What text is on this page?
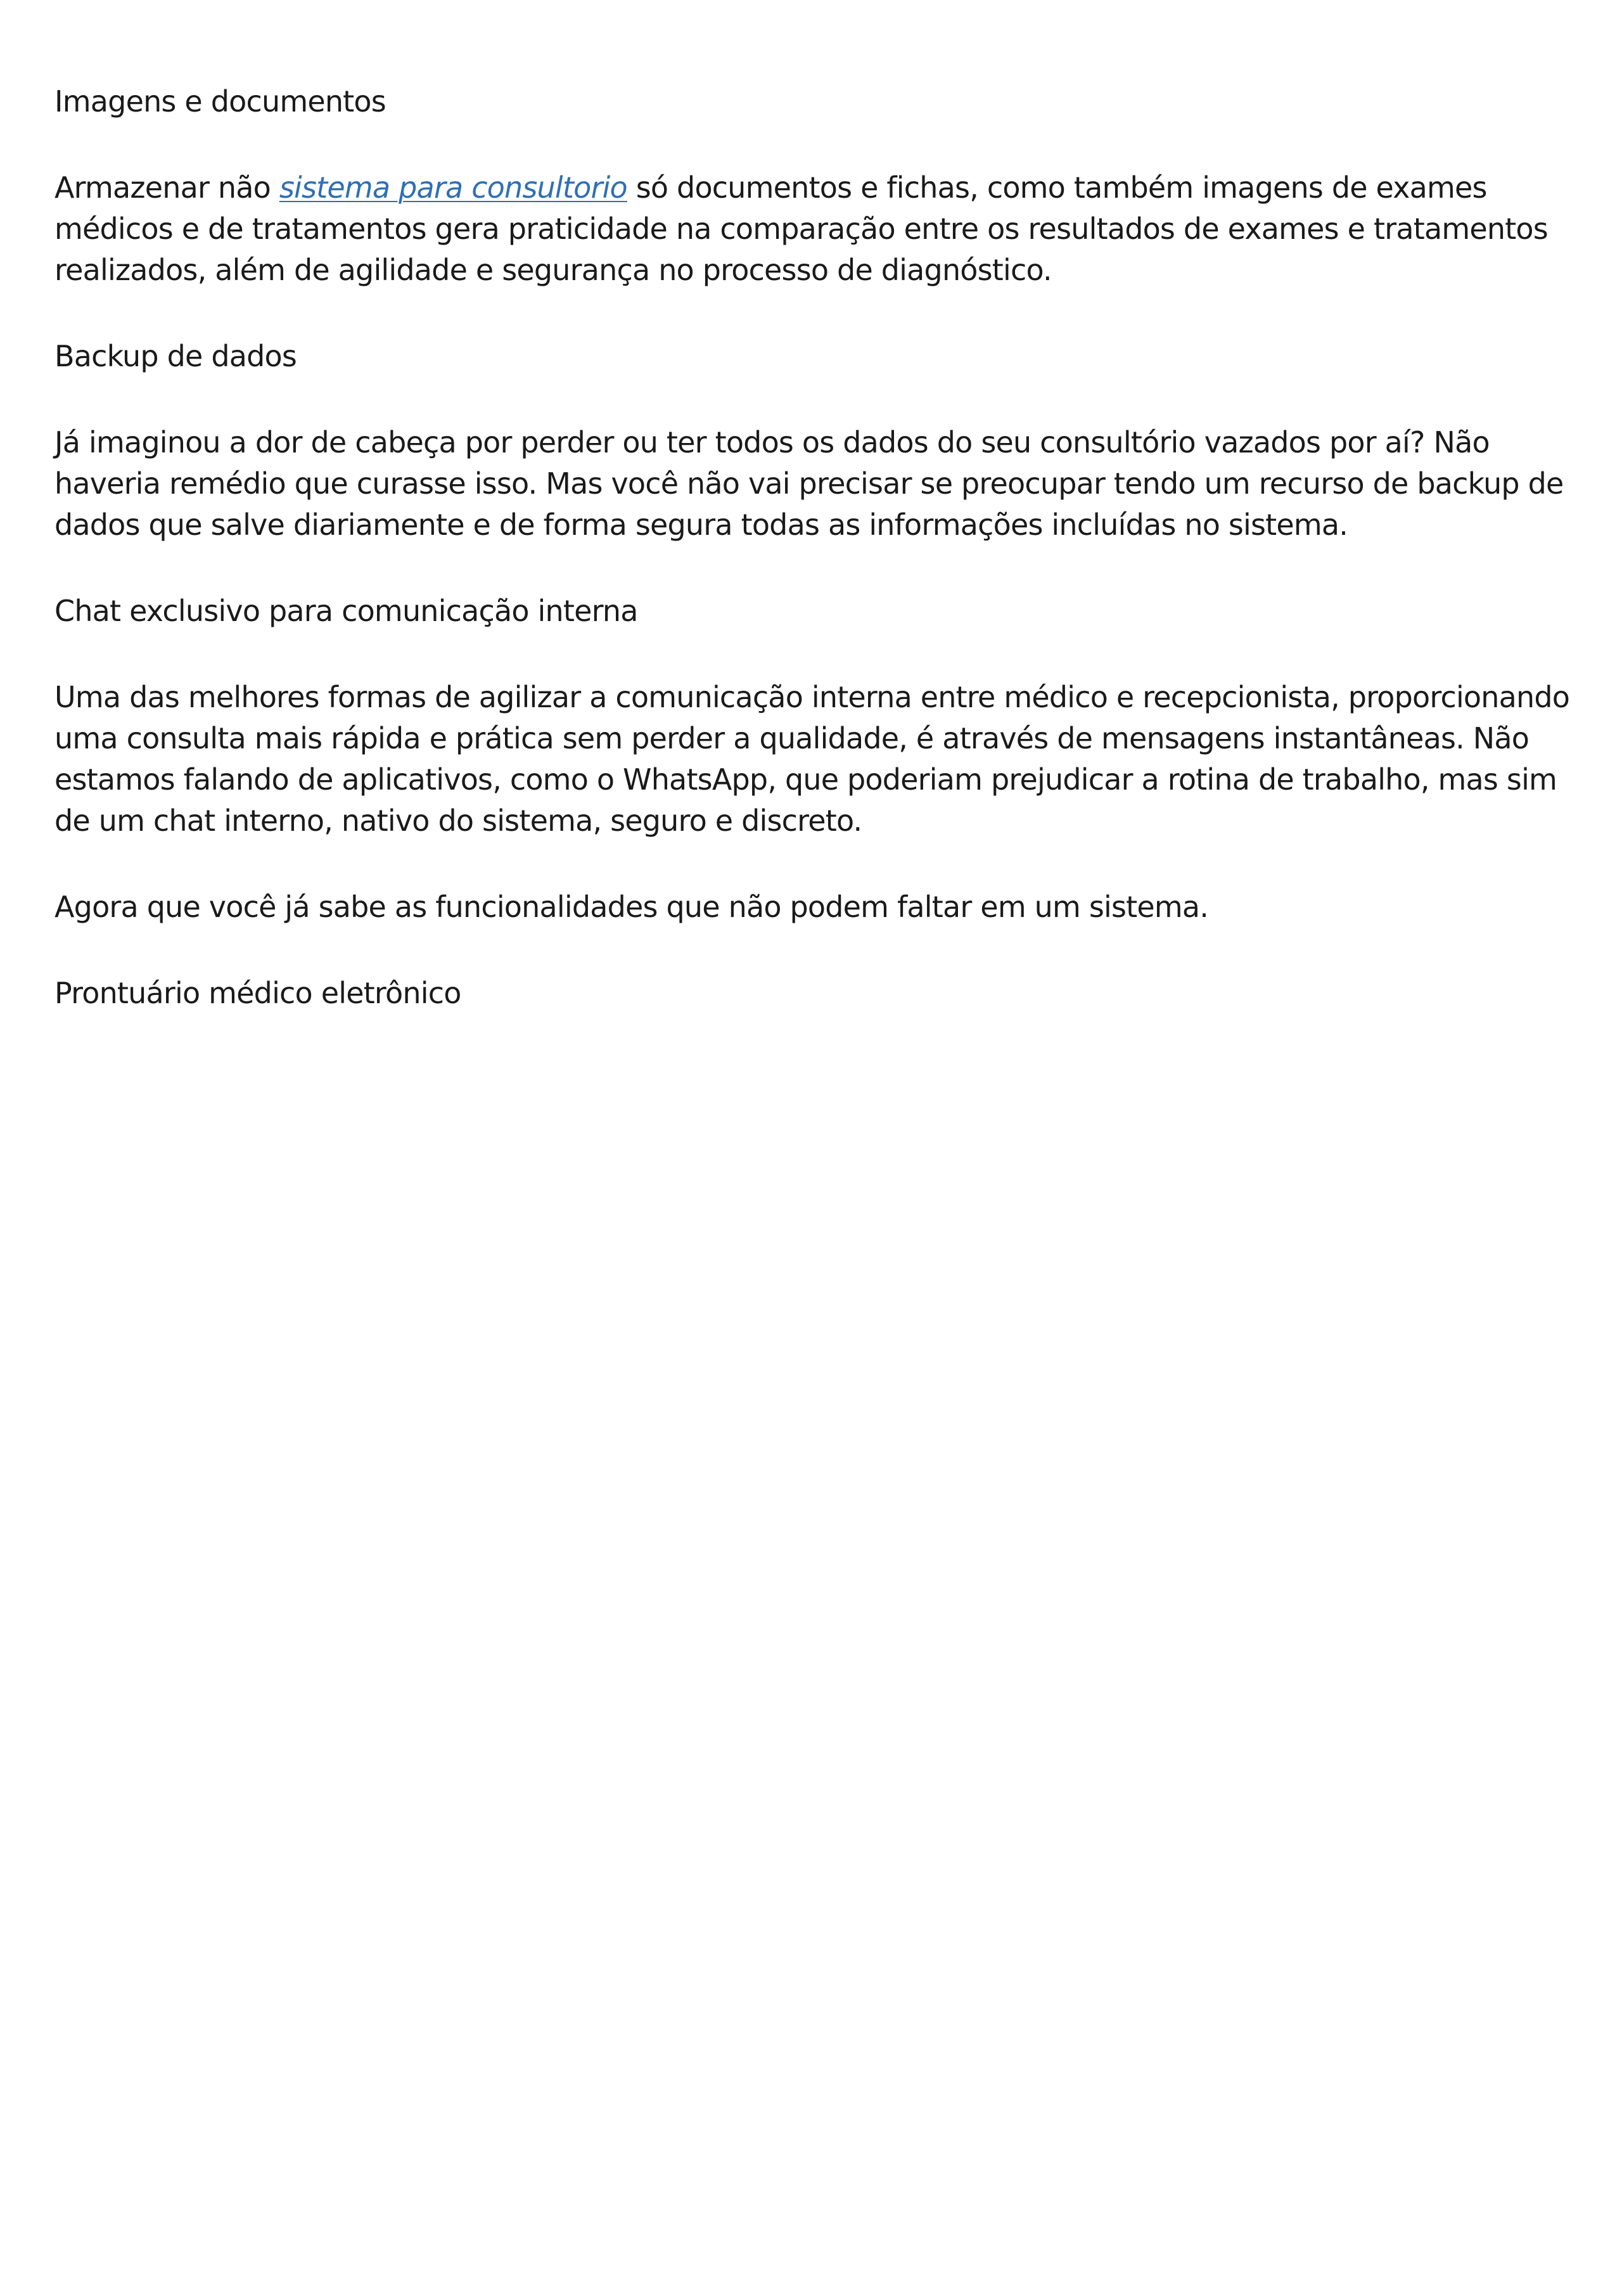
Imagens e documentos

Armazenar não sistema para consultorio só documentos e fichas, como também imagens de exames médicos e de tratamentos gera praticidade na comparação entre os resultados de exames e tratamentos realizados, além de agilidade e segurança no processo de diagnóstico.

Backup de dados

Já imaginou a dor de cabeça por perder ou ter todos os dados do seu consultório vazados por aí? Não haveria remédio que curasse isso. Mas você não vai precisar se preocupar tendo um recurso de backup de dados que salve diariamente e de forma segura todas as informações incluídas no sistema.

Chat exclusivo para comunicação interna

Uma das melhores formas de agilizar a comunicação interna entre médico e recepcionista, proporcionando uma consulta mais rápida e prática sem perder a qualidade, é através de mensagens instantâneas. Não estamos falando de aplicativos, como o WhatsApp, que poderiam prejudicar a rotina de trabalho, mas sim de um chat interno, nativo do sistema, seguro e discreto.

Agora que você já sabe as funcionalidades que não podem faltar em um sistema.

Prontuário médico eletrônico
